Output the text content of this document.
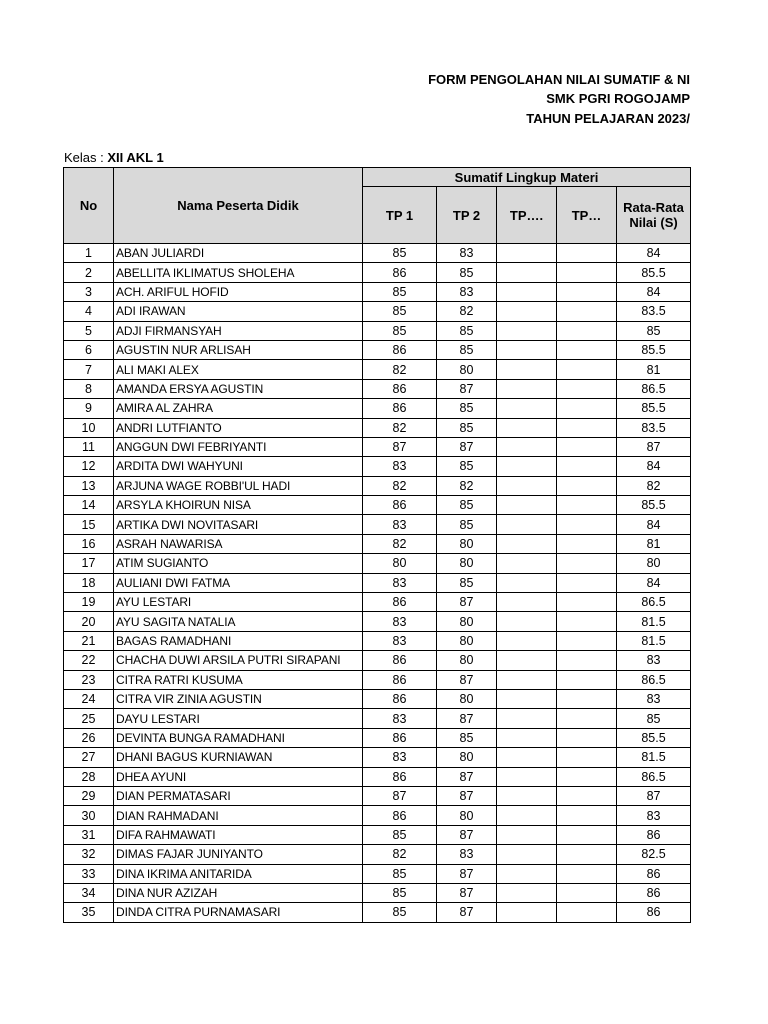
FORM PENGOLAHAN NILAI SUMATIF & NI
SMK PGRI ROGOJAMP
TAHUN PELAJARAN 2023/
Kelas : XII AKL 1
No	Nama Peserta Didik	Sumatif Lingkup Materi				
		TP 1	TP 2	TP….	TP…	Rata-Rata
Nilai (S)
1	ABAN JULIARDI	85	83			84
2	ABELLITA IKLIMATUS SHOLEHA	86	85			85.5
3	ACH. ARIFUL HOFID	85	83			84
4	ADI IRAWAN	85	82			83.5
5	ADJI FIRMANSYAH	85	85			85
6	AGUSTIN NUR ARLISAH	86	85			85.5
7	ALI MAKI ALEX	82	80			81
8	AMANDA ERSYA AGUSTIN	86	87			86.5
9	AMIRA AL ZAHRA	86	85			85.5
10	ANDRI LUTFIANTO	82	85			83.5
11	ANGGUN DWI FEBRIYANTI	87	87			87
12	ARDITA DWI WAHYUNI	83	85			84
13	ARJUNA WAGE ROBBI'UL HADI	82	82			82
14	ARSYLA KHOIRUN NISA	86	85			85.5
15	ARTIKA DWI NOVITASARI	83	85			84
16	ASRAH NAWARISA	82	80			81
17	ATIM SUGIANTO	80	80			80
18	AULIANI DWI FATMA	83	85			84
19	AYU LESTARI	86	87			86.5
20	AYU SAGITA NATALIA	83	80			81.5
21	BAGAS RAMADHANI	83	80			81.5
22	CHACHA DUWI ARSILA PUTRI SIRAPANI	86	80			83
23	CITRA RATRI KUSUMA	86	87			86.5
24	CITRA VIR ZINIA AGUSTIN	86	80			83
25	DAYU LESTARI	83	87			85
26	DEVINTA BUNGA RAMADHANI	86	85			85.5
27	DHANI BAGUS KURNIAWAN	83	80			81.5
28	DHEA AYUNI	86	87			86.5
29	DIAN PERMATASARI	87	87			87
30	DIAN RAHMADANI	86	80			83
31	DIFA RAHMAWATI	85	87			86
32	DIMAS FAJAR JUNIYANTO	82	83			82.5
33	DINA IKRIMA ANITARIDA	85	87			86
34	DINA NUR AZIZAH	85	87			86
35	DINDA CITRA PURNAMASARI	85	87			86
